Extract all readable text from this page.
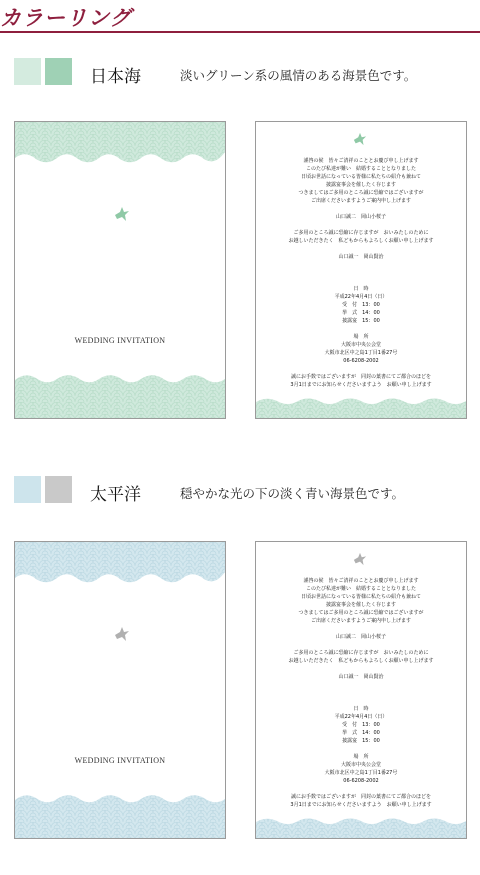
カラーリング
日本海	淡いグリーン系の風情のある海景色です。
WEDDING INVITATION
謹啓の候　皆々ご清祥のこととお慶び申し上げます
このたび私達が難い　結婚することとなりました
日頃お世話になっている皆様に私たちの紹介も兼ねて
披露宴事会を催したく存じます
つきましてはご多用のところ誠に恐縮ではございますが
ご出席くださいますようご案内申し上げます
山口誠二　岡山小桜子
ご多用のところ誠に恐縮に存じますが　おいみたしのために
お越しいただきたく　私どもからもよろしくお願い申し上げます
山口誠一　岡山賢治
日　時
平成22年4月4日（日）
受　付　13：00
挙　式　14：00
披露宴　15：00
場　所
大阪市中央公会堂
大阪市北区中之島1丁目1番27号
06-6208-2002
誠にお手数ではございますが　同封の葉書にてご都合のほどを
3月1日までにお知らせくださいますよう　お願い申し上げます
太平洋	穏やかな光の下の淡く青い海景色です。
WEDDING INVITATION
謹啓の候　皆々ご清祥のこととお慶び申し上げます
このたび私達が難い　結婚することとなりました
日頃お世話になっている皆様に私たちの紹介も兼ねて
披露宴事会を催したく存じます
つきましてはご多用のところ誠に恐縮ではございますが
ご出席くださいますようご案内申し上げます
山口誠二　岡山小桜子
ご多用のところ誠に恐縮に存じますが　おいみたしのために
お越しいただきたく　私どもからもよろしくお願い申し上げます
山口誠一　岡山賢治
日　時
平成22年4月4日（日）
受　付　13：00
挙　式　14：00
披露宴　15：00
場　所
大阪市中央公会堂
大阪市北区中之島1丁目1番27号
06-6208-2002
誠にお手数ではございますが　同封の葉書にてご都合のほどを
3月1日までにお知らせくださいますよう　お願い申し上げます
